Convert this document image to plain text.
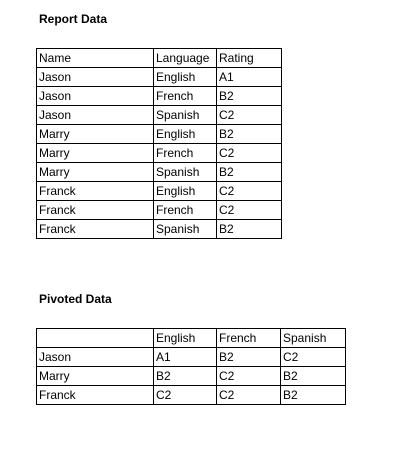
Report Data
Name	Language	Rating
Jason	English	A1
Jason	French	B2
Jason	Spanish	C2
Marry	English	B2
Marry	French	C2
Marry	Spanish	B2
Franck	English	C2
Franck	French	C2
Franck	Spanish	B2
Pivoted Data
	English	French	Spanish
Jason	A1	B2	C2
Marry	B2	C2	B2
Franck	C2	C2	B2
